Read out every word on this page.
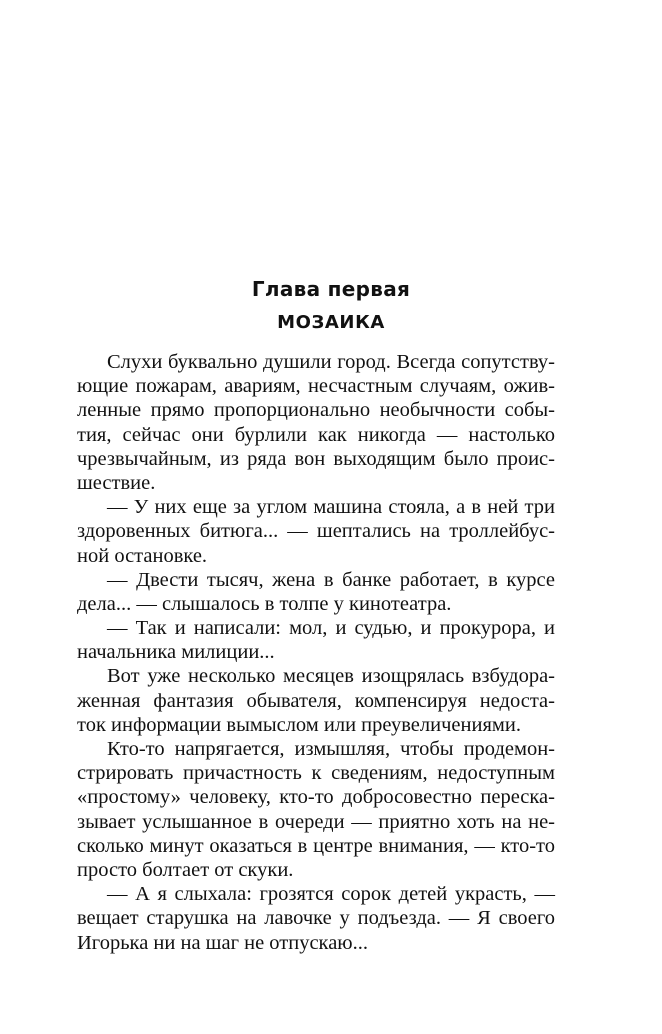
Глава первая
МОЗАИКА
Слухи буквально душили город. Всегда сопутству-
ющие пожарам, авариям, несчастным случаям, ожив-
ленные прямо пропорционально необычности собы-
тия, сейчас они бурлили как никогда — настолько
чрезвычайным, из ряда вон выходящим было проис-
шествие.
— У них еще за углом машина стояла, а в ней три
здоровенных битюга... — шептались на троллейбус-
ной остановке.
— Двести тысяч, жена в банке работает, в курсе
дела... — слышалось в толпе у кинотеатра.
— Так и написали: мол, и судью, и прокурора, и
начальника милиции...
Вот уже несколько месяцев изощрялась взбудора-
женная фантазия обывателя, компенсируя недоста-
ток информации вымыслом или преувеличениями.
Кто-то напрягается, измышляя, чтобы продемон-
стрировать причастность к сведениям, недоступным
«простому» человеку, кто-то добросовестно переска-
зывает услышанное в очереди — приятно хоть на не-
сколько минут оказаться в центре внимания, — кто-то
просто болтает от скуки.
— А я слыхала: грозятся сорок детей украсть, —
вещает старушка на лавочке у подъезда. — Я своего
Игорька ни на шаг не отпускаю...
